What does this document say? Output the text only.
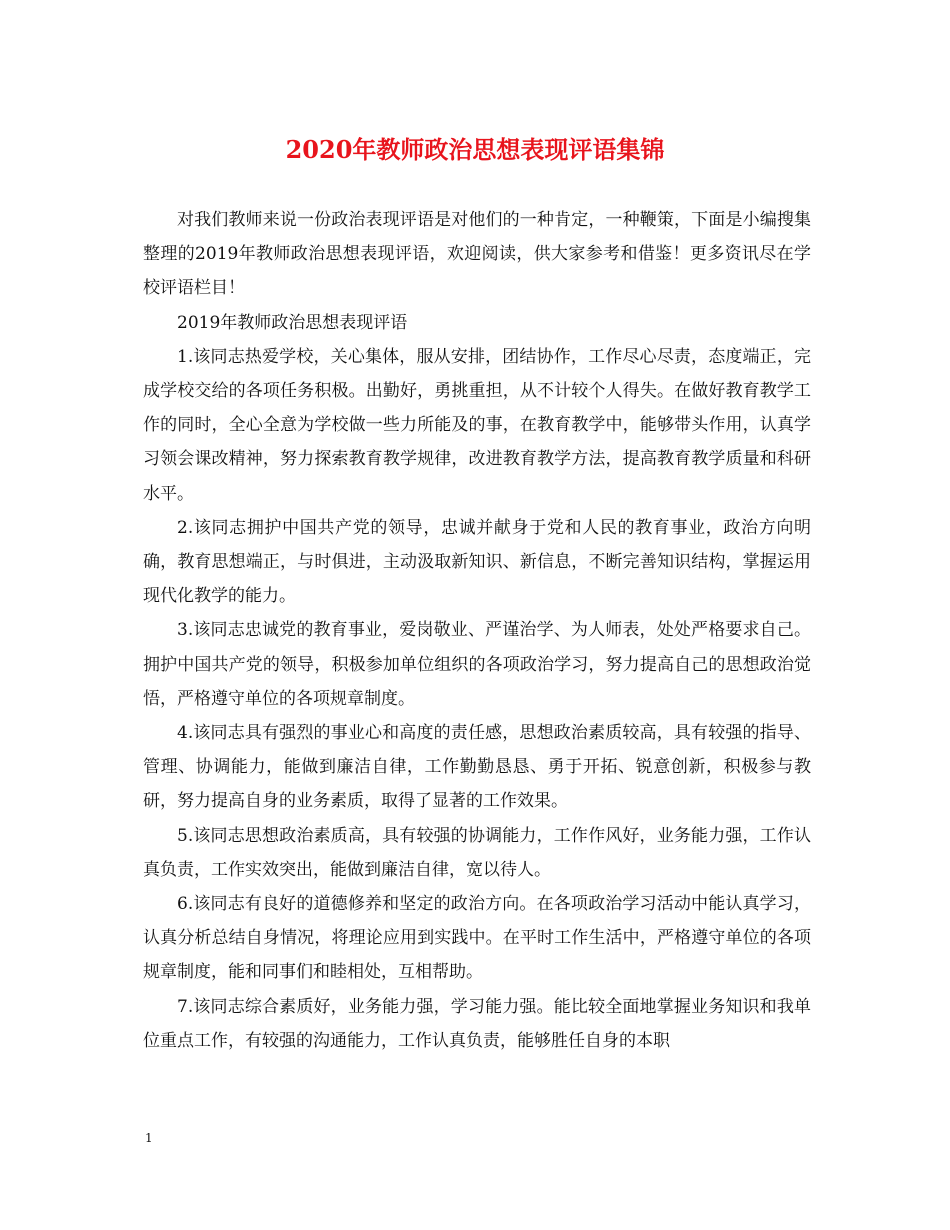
2020年教师政治思想表现评语集锦

对我们教师来说一份政治表现评语是对他们的一种肯定，一种鞭策，下面是小编搜集整理的2019年教师政治思想表现评语，欢迎阅读，供大家参考和借鉴！更多资讯尽在学校评语栏目！

2019年教师政治思想表现评语

1.该同志热爱学校，关心集体，服从安排，团结协作，工作尽心尽责，态度端正，完成学校交给的各项任务积极。出勤好，勇挑重担，从不计较个人得失。在做好教育教学工作的同时，全心全意为学校做一些力所能及的事，在教育教学中，能够带头作用，认真学习领会课改精神，努力探索教育教学规律，改进教育教学方法，提高教育教学质量和科研水平。

2.该同志拥护中国共产党的领导，忠诚并献身于党和人民的教育事业，政治方向明确，教育思想端正，与时俱进，主动汲取新知识、新信息，不断完善知识结构，掌握运用现代化教学的能力。

3.该同志忠诚党的教育事业，爱岗敬业、严谨治学、为人师表，处处严格要求自己。拥护中国共产党的领导，积极参加单位组织的各项政治学习，努力提高自己的思想政治觉悟，严格遵守单位的各项规章制度。

4.该同志具有强烈的事业心和高度的责任感，思想政治素质较高，具有较强的指导、管理、协调能力，能做到廉洁自律，工作勤勤恳恳、勇于开拓、锐意创新，积极参与教研，努力提高自身的业务素质，取得了显著的工作效果。

5.该同志思想政治素质高，具有较强的协调能力，工作作风好，业务能力强，工作认真负责，工作实效突出，能做到廉洁自律，宽以待人。

6.该同志有良好的道德修养和坚定的政治方向。在各项政治学习活动中能认真学习，认真分析总结自身情况，将理论应用到实践中。在平时工作生活中，严格遵守单位的各项规章制度，能和同事们和睦相处，互相帮助。

7.该同志综合素质好，业务能力强，学习能力强。能比较全面地掌握业务知识和我单位重点工作，有较强的沟通能力，工作认真负责，能够胜任自身的本职

1
